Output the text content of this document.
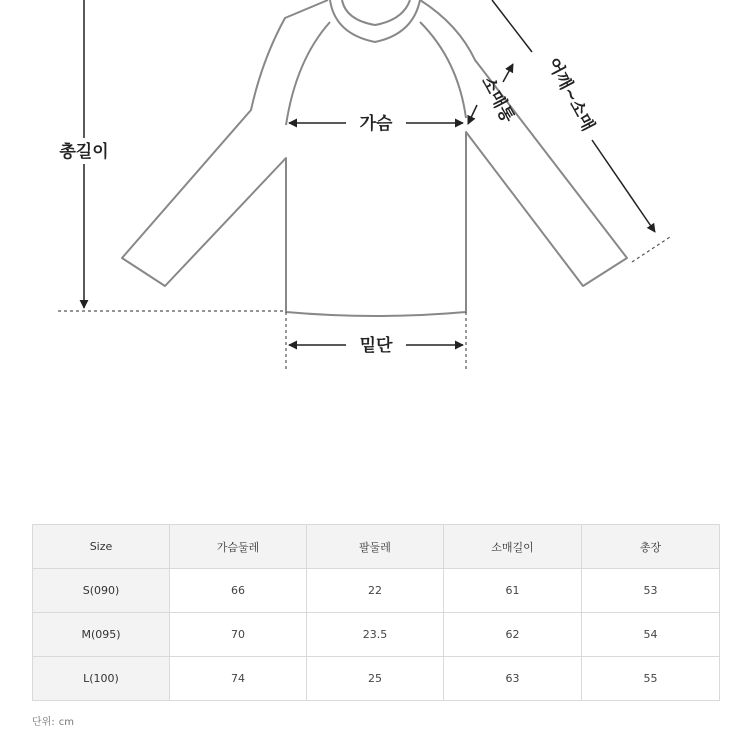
총길이
가슴	소매통 어깨~소매
밑단
Size	가슴둘레	팔둘레	소매길이	총장
S(090)	66	22	61	53
M(095)	70	23.5	62	54
L(100)	74	25	63	55
단위: cm
